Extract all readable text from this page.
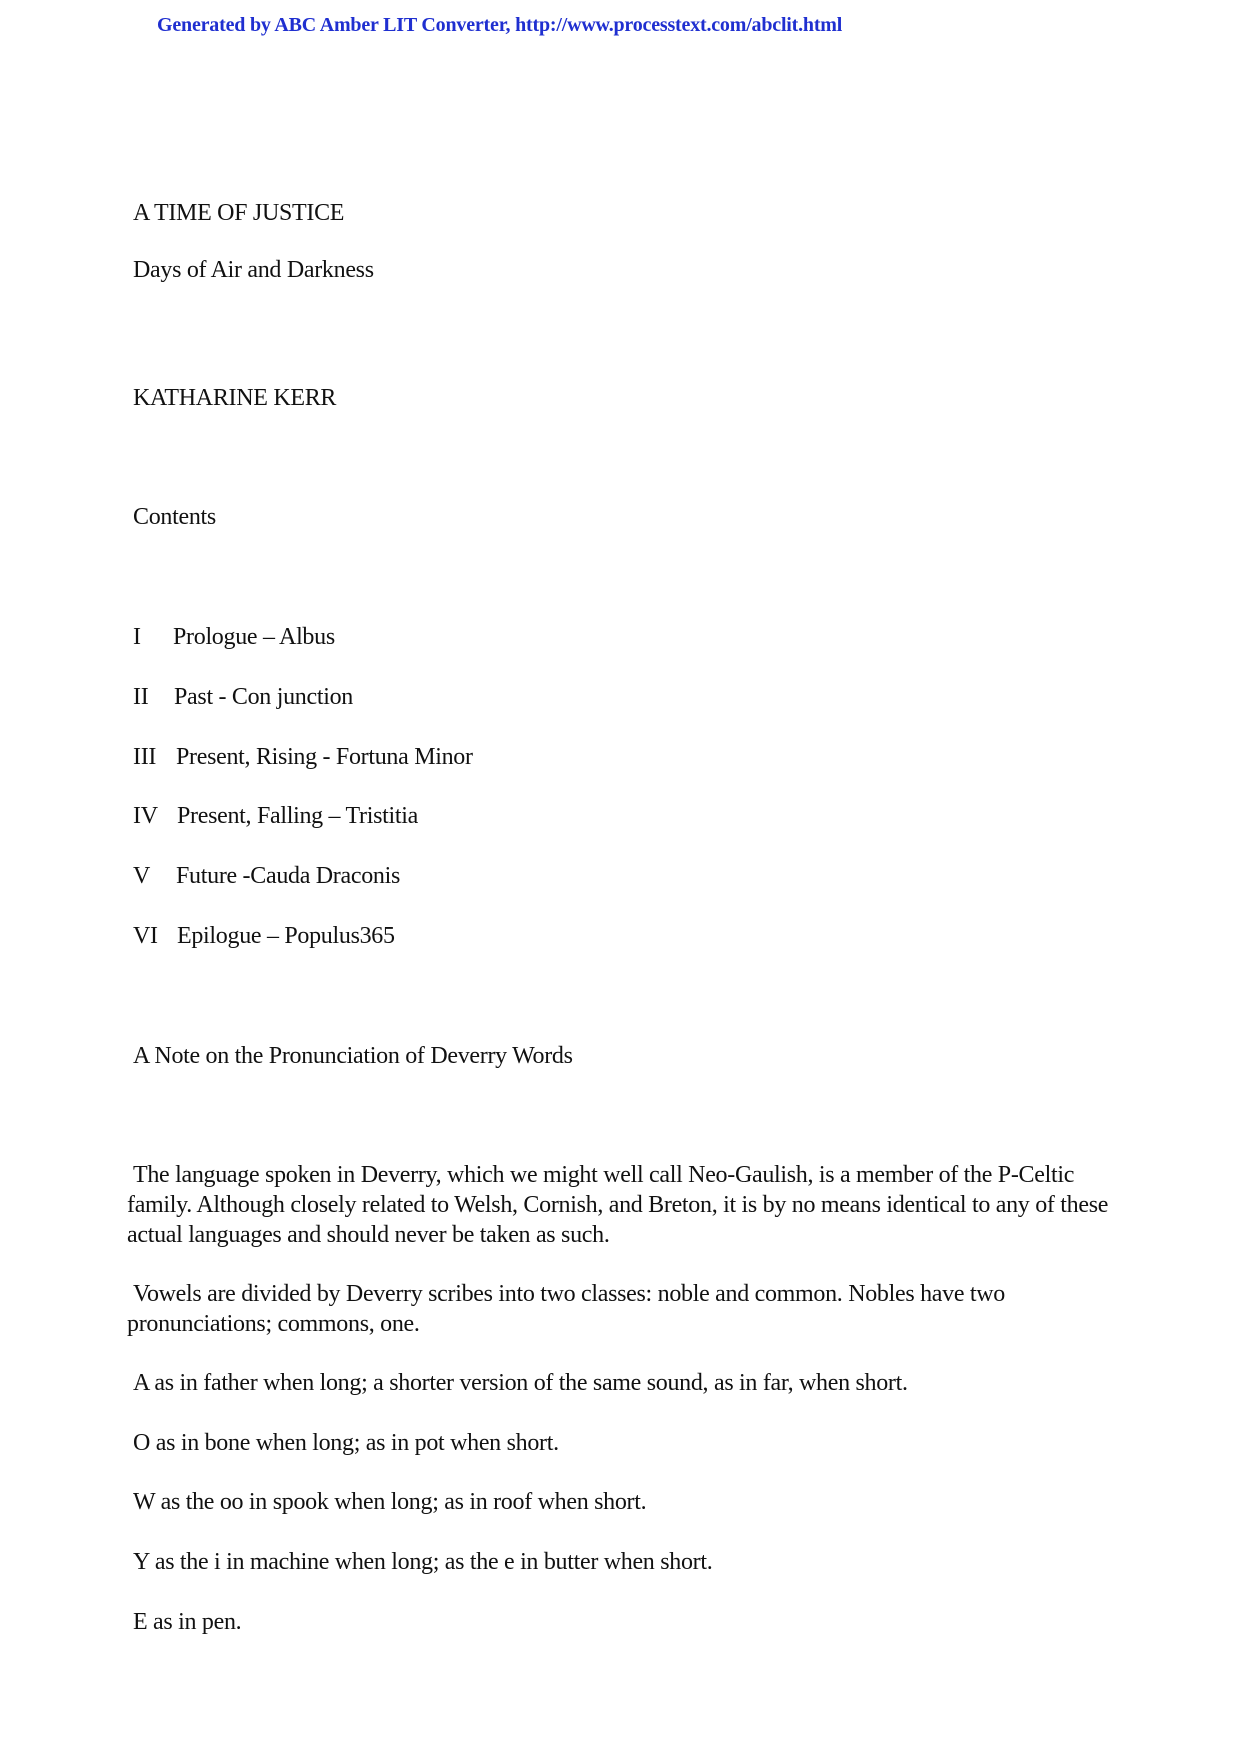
Generated by ABC Amber LIT Converter, http://www.processtext.com/abclit.html
A TIME OF JUSTICE
Days of Air and Darkness
KATHARINE KERR
Contents
I Prologue – Albus
II Past - Con junction
III Present, Rising - Fortuna Minor
IV Present, Falling – Tristitia
V Future -Cauda Draconis
VI Epilogue – Populus365
A Note on the Pronunciation of Deverry Words
The language spoken in Deverry, which we might well call Neo-Gaulish, is a member of the P-Celtic family. Although closely related to Welsh, Cornish, and Breton, it is by no means identical to any of these actual languages and should never be taken as such.
Vowels are divided by Deverry scribes into two classes: noble and common. Nobles have two pronunciations; commons, one.
A as in father when long; a shorter version of the same sound, as in far, when short.
O as in bone when long; as in pot when short.
W as the oo in spook when long; as in roof when short.
Y as the i in machine when long; as the e in butter when short.
E as in pen.
